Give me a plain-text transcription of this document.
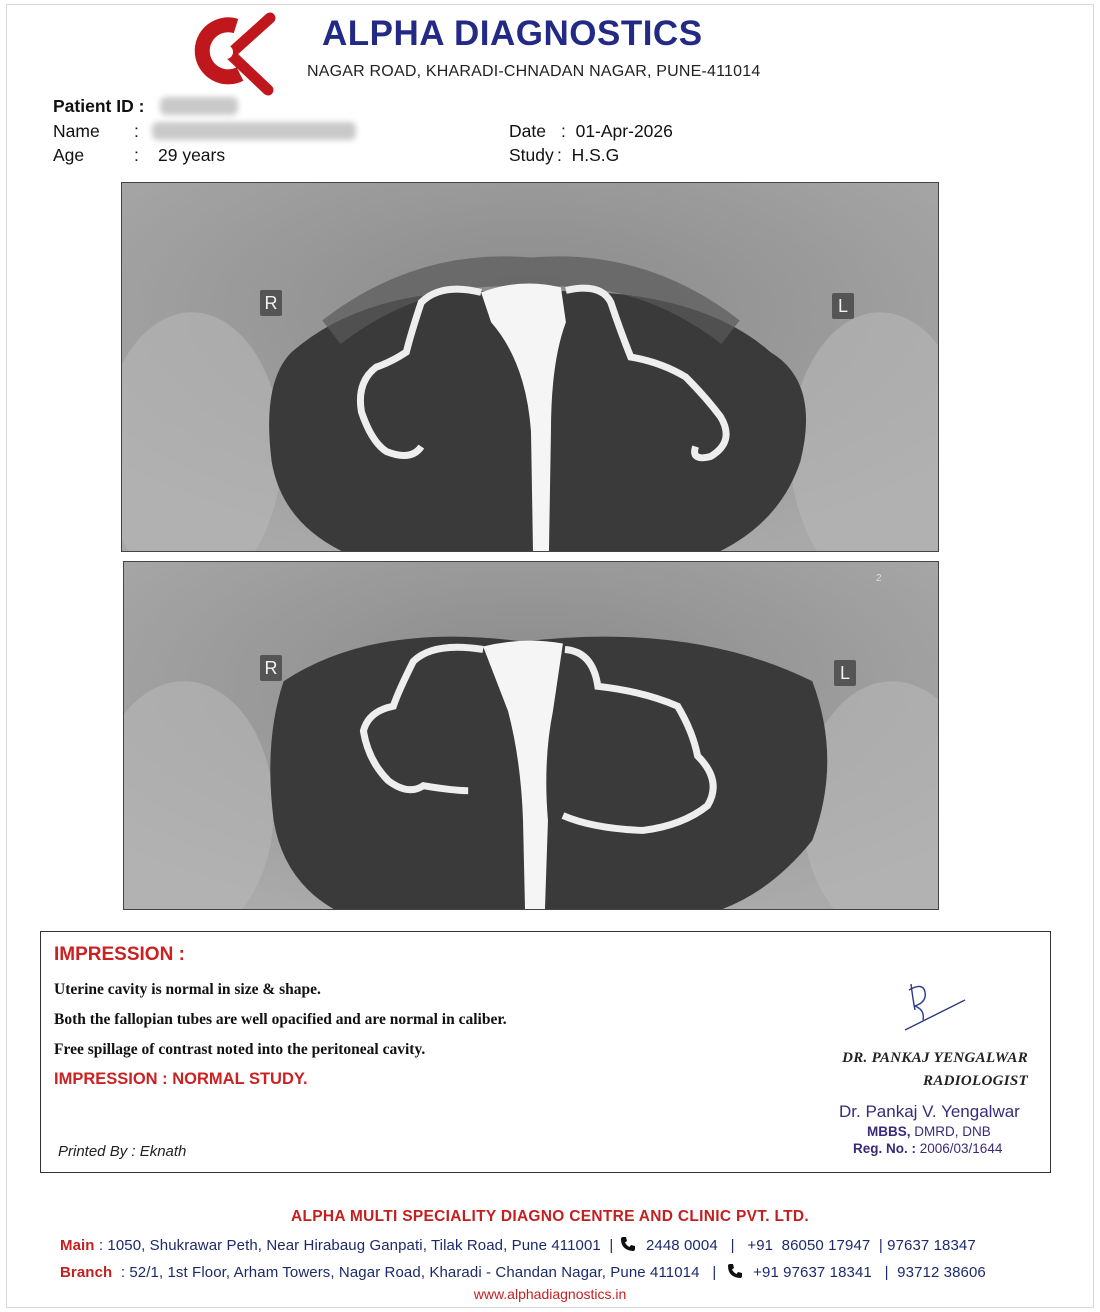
ALPHA DIAGNOSTICS
NAGAR ROAD, KHARADI-CHNADAN NAGAR, PUNE-411014
Patient ID :
Name :
Age	: 29 years
Date :  01-Apr-2026
Study :  H.S.G
R	L
R	L
2
IMPRESSION :
Uterine cavity is normal in size & shape.
Both the fallopian tubes are well opacified and are normal in caliber.
Free spillage of contrast noted into the peritoneal cavity.
IMPRESSION : NORMAL STUDY.
Printed By : Eknath
DR. PANKAJ YENGALWAR
RADIOLOGIST
Dr. Pankaj V. Yengalwar
MBBS, DMRD, DNB
Reg. No. : 2006/03/1644
ALPHA MULTI SPECIALITY DIAGNO CENTRE AND CLINIC PVT. LTD.
Main : 1050, Shukrawar Peth, Near Hirabaug Ganpati, Tilak Road, Pune 411001  |  2448 0004   |   +91  86050 17947  | 97637 18347
Branch  : 52/1, 1st Floor, Arham Towers, Nagar Road, Kharadi - Chandan Nagar, Pune 411014   |   +91 97637 18341   |  93712 38606
www.alphadiagnostics.in
